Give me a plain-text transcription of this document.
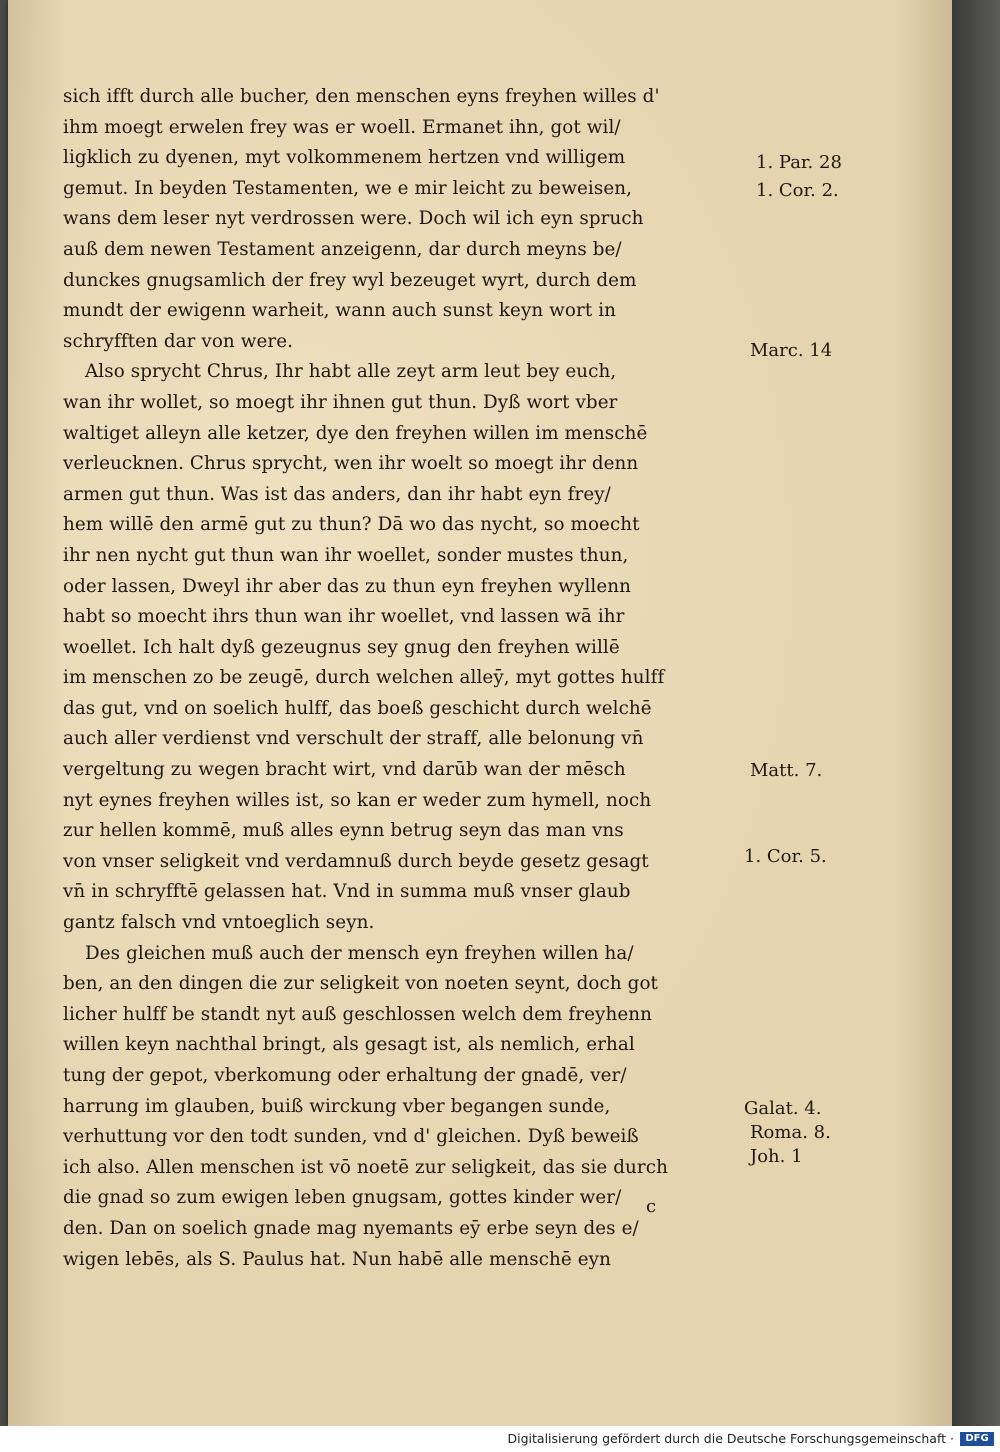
sich ifft durch alle bucher, den menschen eyns freyhen willes d'
ihm moegt erwelen frey was er woell. Ermanet ihn, got wil/
ligklich zu dyenen, myt volkommenem hertzen vnd willigem
gemut. In beyden Testamenten, we e mir leicht zu beweisen,
wans dem leser nyt verdrossen were. Doch wil ich eyn spruch
auß dem newen Testament anzeigenn, dar durch meyns be/
dunckes gnugsamlich der frey wyl bezeuget wyrt, durch dem
mundt der ewigenn warheit, wann auch sunst keyn wort in
schryfften dar von were.
Also sprycht Chrus, Ihr habt alle zeyt arm leut bey euch,
wan ihr wollet, so moegt ihr ihnen gut thun. Dyß wort vber
waltiget alleyn alle ketzer, dye den freyhen willen im menschē
verleucknen. Chrus sprycht, wen ihr woelt so moegt ihr denn
armen gut thun. Was ist das anders, dan ihr habt eyn frey/
hem willē den armē gut zu thun? Dā wo das nycht, so moecht
ihr nen nycht gut thun wan ihr woellet, sonder mustes thun,
oder lassen, Dweyl ihr aber das zu thun eyn freyhen wyllenn
habt so moecht ihrs thun wan ihr woellet, vnd lassen wā ihr
woellet. Ich halt dyß gezeugnus sey gnug den freyhen willē
im menschen zo be zeugē, durch welchen alleȳ, myt gottes hulff
das gut, vnd on soelich hulff, das boeß geschicht durch welchē
auch aller verdienst vnd verschult der straff, alle belonung vn̄
vergeltung zu wegen bracht wirt, vnd darūb wan der mēsch
nyt eynes freyhen willes ist, so kan er weder zum hymell, noch
zur hellen kommē, muß alles eynn betrug seyn das man vns
von vnser seligkeit vnd verdamnuß durch beyde gesetz gesagt
vn̄ in schryfftē gelassen hat. Vnd in summa muß vnser glaub
gantz falsch vnd vntoeglich seyn.
Des gleichen muß auch der mensch eyn freyhen willen ha/
ben, an den dingen die zur seligkeit von noeten seynt, doch got
licher hulff be standt nyt auß geschlossen welch dem freyhenn
willen keyn nachthal bringt, als gesagt ist, als nemlich, erhal
tung der gepot, vberkomung oder erhaltung der gnadē, ver/
harrung im glauben, buiß wirckung vber begangen sunde,
verhuttung vor den todt sunden, vnd d' gleichen. Dyß beweiß
ich also. Allen menschen ist vō noetē zur seligkeit, das sie durch
die gnad so zum ewigen leben gnugsam, gottes kinder wer/
den. Dan on soelich gnade mag nyemants eȳ erbe seyn des e/
wigen lebēs, als S. Paulus hat. Nun habē alle menschē eyn
1. Par. 28
1. Cor. 2.
Marc. 14
Matt. 7.
1. Cor. 5.
Galat. 4.
Roma. 8.
Joh. 1
c
Digitalisierung gefördert durch die Deutsche Forschungsgemeinschaft ·	DFG
